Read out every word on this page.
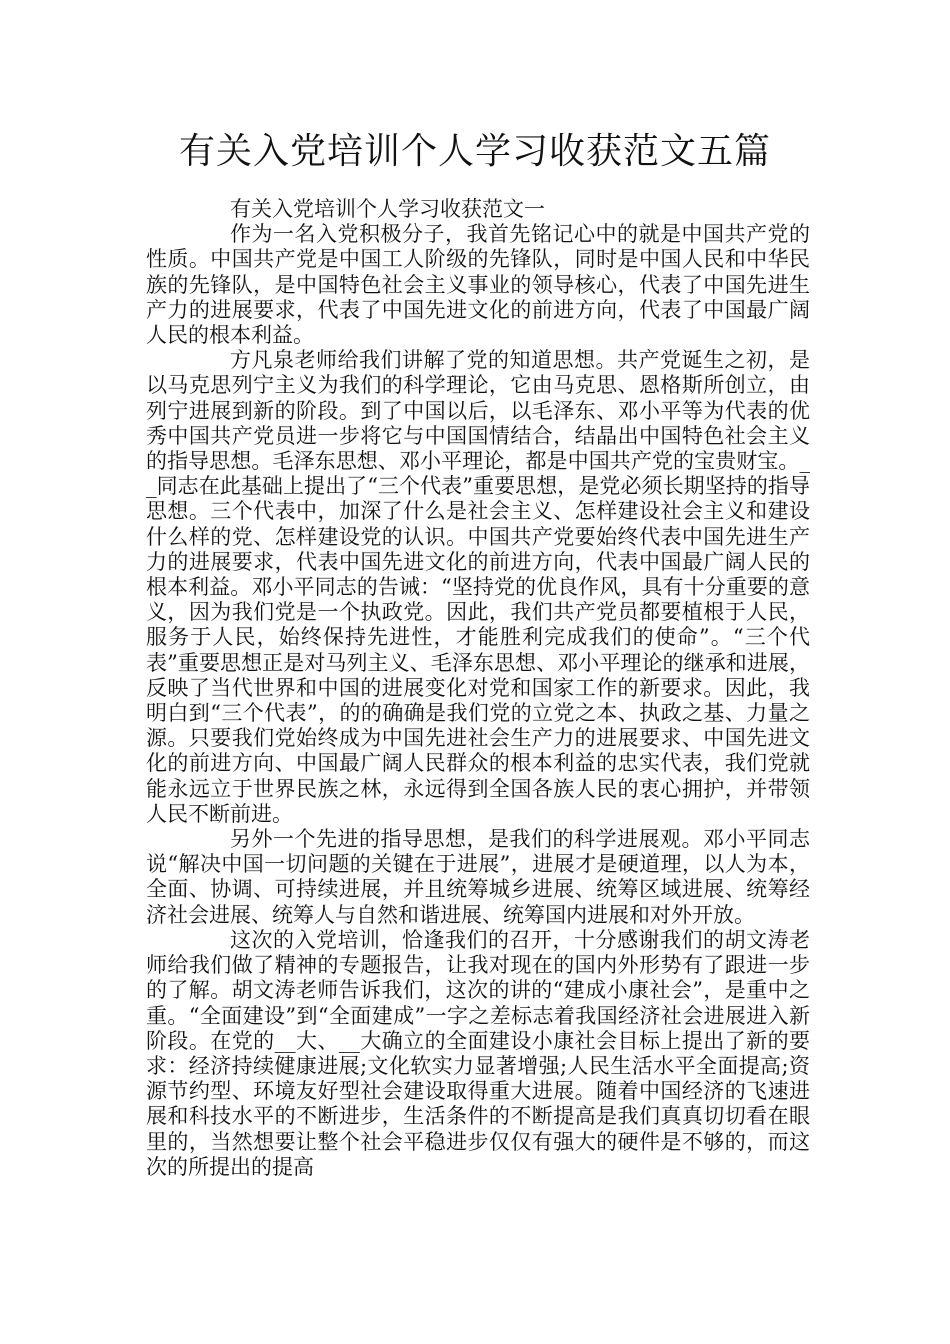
有关入党培训个人学习收获范文五篇

有关入党培训个人学习收获范文一

作为一名入党积极分子，我首先铭记心中的就是中国共产党的性质。中国共产党是中国工人阶级的先锋队，同时是中国人民和中华民族的先锋队，是中国特色社会主义事业的领导核心，代表了中国先进生产力的进展要求，代表了中国先进文化的前进方向，代表了中国最广阔人民的根本利益。

方凡泉老师给我们讲解了党的知道思想。共产党诞生之初，是以马克思列宁主义为我们的科学理论，它由马克思、恩格斯所创立，由列宁进展到新的阶段。到了中国以后，以毛泽东、邓小平等为代表的优秀中国共产党员进一步将它与中国国情结合，结晶出中国特色社会主义的指导思想。毛泽东思想、邓小平理论，都是中国共产党的宝贵财宝。__同志在此基础上提出了“三个代表”重要思想，是党必须长期坚持的指导思想。三个代表中，加深了什么是社会主义、怎样建设社会主义和建设什么样的党、怎样建设党的认识。中国共产党要始终代表中国先进生产力的进展要求，代表中国先进文化的前进方向，代表中国最广阔人民的根本利益。邓小平同志的告诫：“坚持党的优良作风，具有十分重要的意义，因为我们党是一个执政党。因此，我们共产党员都要植根于人民，服务于人民，始终保持先进性，才能胜利完成我们的使命”。“三个代表”重要思想正是对马列主义、毛泽东思想、邓小平理论的继承和进展，反映了当代世界和中国的进展变化对党和国家工作的新要求。因此，我明白到“三个代表”，的的确确是我们党的立党之本、执政之基、力量之源。只要我们党始终成为中国先进社会生产力的进展要求、中国先进文化的前进方向、中国最广阔人民群众的根本利益的忠实代表，我们党就能永远立于世界民族之林，永远得到全国各族人民的衷心拥护，并带领人民不断前进。

另外一个先进的指导思想，是我们的科学进展观。邓小平同志说“解决中国一切问题的关键在于进展”，进展才是硬道理，以人为本，全面、协调、可持续进展，并且统筹城乡进展、统筹区域进展、统筹经济社会进展、统筹人与自然和谐进展、统筹国内进展和对外开放。

这次的入党培训，恰逢我们的召开，十分感谢我们的胡文涛老师给我们做了精神的专题报告，让我对现在的国内外形势有了跟进一步的了解。胡文涛老师告诉我们，这次的讲的“建成小康社会”，是重中之重。“全面建设”到“全面建成”一字之差标志着我国经济社会进展进入新阶段。在党的__大、__大确立的全面建设小康社会目标上提出了新的要求：经济持续健康进展;文化软实力显著增强;人民生活水平全面提高;资源节约型、环境友好型社会建设取得重大进展。随着中国经济的飞速进展和科技水平的不断进步，生活条件的不断提高是我们真真切切看在眼里的，当然想要让整个社会平稳进步仅仅有强大的硬件是不够的，而这次的所提出的提高
